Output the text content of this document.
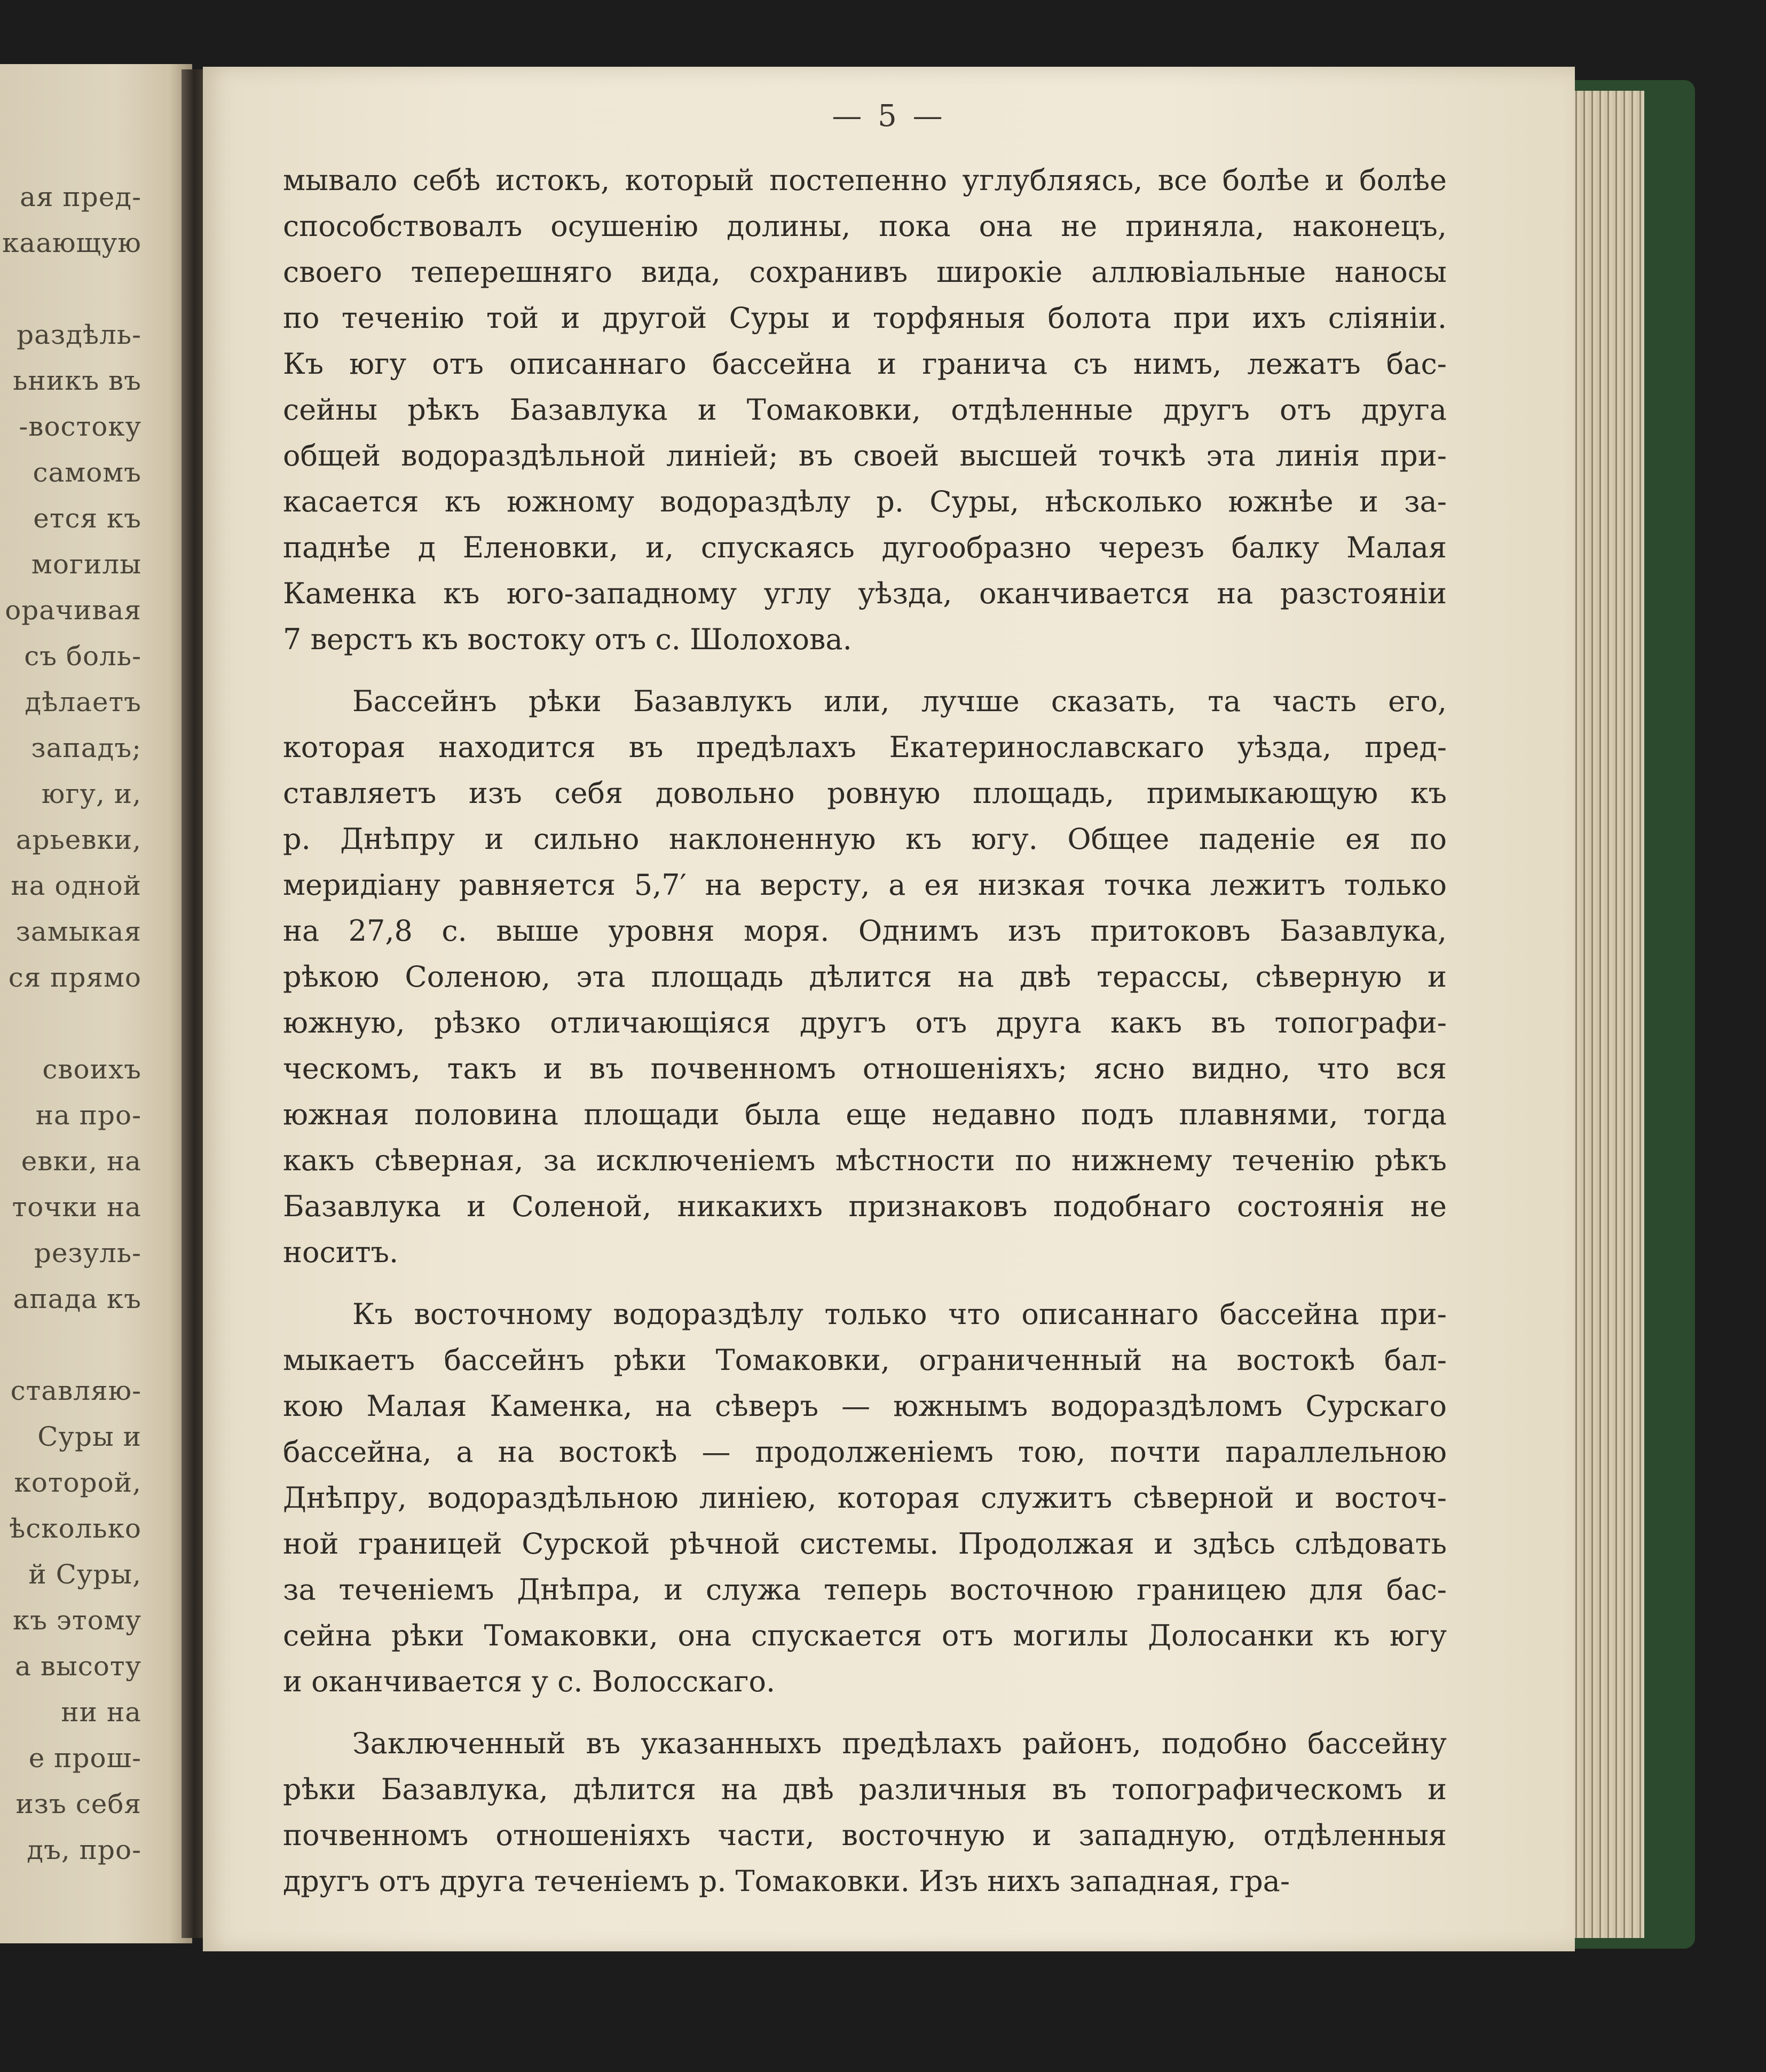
ая пред-
каающую
раздѣль-
ьникъ въ
-востоку
самомъ
ется къ
могилы
орачивая
съ боль-
дѣлаетъ
западъ;
югу, и,
арьевки,
на одной
замыкая
ся прямо
своихъ
на про-
евки, на
точки на
резуль-
апада къ
ставляю-
Суры и
которой,
ѣсколько
й Суры,
къ этому
а высоту
ни на
е прош-
изъ себя
дъ, про-
— 5 —
мывало себѣ истокъ, который постепенно углубляясь, все болѣе и болѣе
способствовалъ осушенію долины, пока она не приняла, наконецъ,
своего теперешняго вида, сохранивъ широкіе аллювіальные наносы
по теченію той и другой Суры и торфяныя болота при ихъ сліяніи.
Къ югу отъ описаннаго бассейна и граничa съ нимъ, лежатъ бас-
сейны рѣкъ Базавлука и Томаковки, отдѣленные другъ отъ друга
общей водораздѣльной линіей; въ своей высшей точкѣ эта линія при-
касается къ южному водораздѣлу р. Суры, нѣсколько южнѣе и за-
паднѣе д Еленовки, и, спускаясь дугообразно черезъ балку Малая
Каменка къ юго-западному углу уѣзда, оканчивается на разстояніи
7 верстъ къ востоку отъ с. Шолохова.
Бассейнъ рѣки Базавлукъ или, лучше сказать, та часть его,
которая находится въ предѣлахъ Екатеринославскаго уѣзда, пред-
ставляетъ изъ себя довольно ровную площадь, примыкающую къ
р. Днѣпру и сильно наклоненную къ югу. Общее паденіе ея по
меридіану равняется 5,7′ на версту, а ея низкая точка лежитъ только
на 27,8 с. выше уровня моря. Однимъ изъ притоковъ Базавлука,
рѣкою Соленою, эта площадь дѣлится на двѣ терассы, сѣверную и
южную, рѣзко отличающіяся другъ отъ друга какъ въ топографи-
ческомъ, такъ и въ почвенномъ отношеніяхъ; ясно видно, что вся
южная половина площади была еще недавно подъ плавнями, тогда
какъ сѣверная, за исключеніемъ мѣстности по нижнему теченію рѣкъ
Базавлука и Соленой, никакихъ признаковъ подобнаго состоянія не
носитъ.
Къ восточному водораздѣлу только что описаннаго бассейна при-
мыкаетъ бассейнъ рѣки Томаковки, ограниченный на востокѣ бал-
кою Малая Каменка, на сѣверъ — южнымъ водораздѣломъ Сурскаго
бассейна, а на востокѣ — продолженіемъ тою, почти параллельною
Днѣпру, водораздѣльною линіею, которая служитъ сѣверной и восточ-
ной границей Сурской рѣчной системы. Продолжая и здѣсь слѣдовать
за теченіемъ Днѣпра, и служа теперь восточною границею для бас-
сейна рѣки Томаковки, она спускается отъ могилы Долосанки къ югу
и оканчивается у с. Волосскаго.
Заключенный въ указанныхъ предѣлахъ районъ, подобно бассейну
рѣки Базавлука, дѣлится на двѣ различныя въ топографическомъ и
почвенномъ отношеніяхъ части, восточную и западную, отдѣленныя
другъ отъ друга теченіемъ р. Томаковки. Изъ нихъ западная, гра-
